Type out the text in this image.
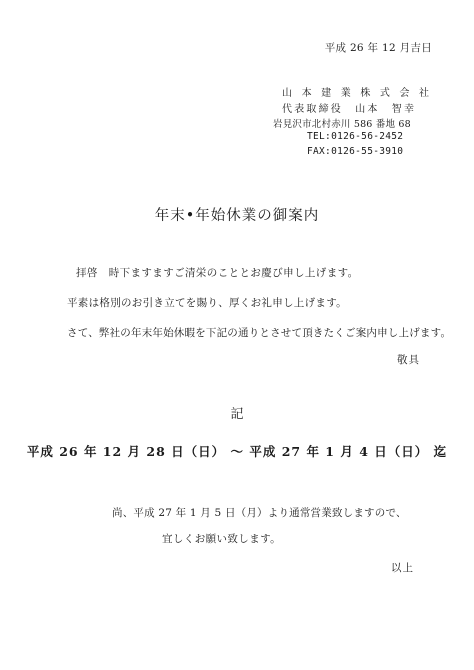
平成 26 年 12 月吉日
山 本 建 業 株 式 会 社
代表取締役　山本　智幸
岩見沢市北村赤川 586 番地 68
TEL:0126-56-2452
FAX:0126-55-3910
年末•年始休業の御案内
拝啓　時下ますますご清栄のこととお慶び申し上げます。
平素は格別のお引き立てを賜り、厚くお礼申し上げます。
さて、弊社の年末年始休暇を下記の通りとさせて頂きたくご案内申し上げます。
敬具
記
平成 26 年 12 月 28 日（日） ～ 平成 27 年 1 月 4 日（日） 迄
尚、平成 27 年 1 月 5 日（月）より通常営業致しますので、
宜しくお願い致します。
以上
